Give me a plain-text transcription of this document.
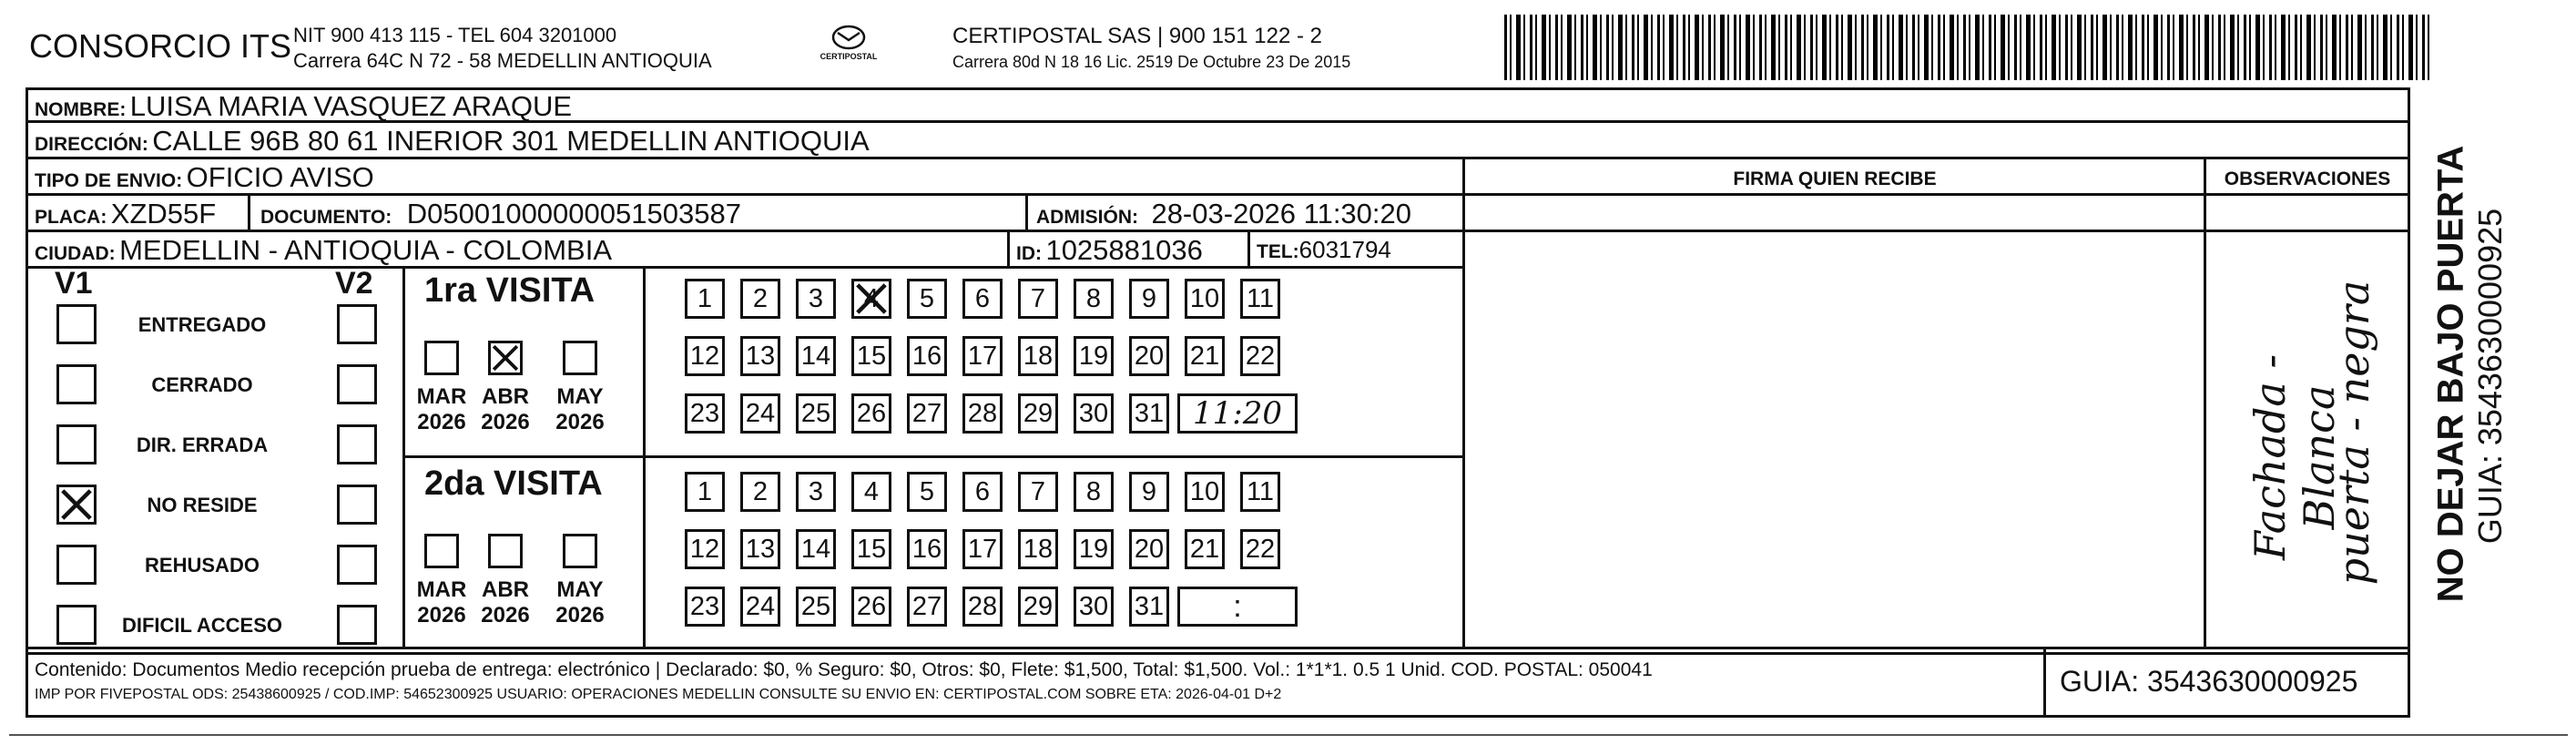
CONSORCIO ITS NIT 900 413 115 - TEL 604 3201000
Carrera 64C N 72 - 58 MEDELLIN ANTIOQUIA	CERTIPOSTAL
CERTIPOSTAL SAS | 900 151 122 - 2
Carrera 80d N 18 16 Lic. 2519 De Octubre 23 De 2015
NOMBRE: LUISA MARIA VASQUEZ ARAQUE
DIRECCIÓN: CALLE 96B 80 61 INERIOR 301 MEDELLIN ANTIOQUIA
TIPO DE ENVIO: OFICIO AVISO	FIRMA QUIEN RECIBE	OBSERVACIONES
PLACA: XZD55F DOCUMENTO: D05001000000051503587	ADMISIÓN: 28-03-2026 11:30:20
CIUDAD: MEDELLIN - ANTIOQUIA - COLOMBIA	ID: 1025881036	TEL:6031794
V1	V2 1ra VISITA
2da VISITA	Fachada - Blanca
puerta - negra NO DEJAR BAJO PUERTA GUIA: 3543630000925
Contenido: Documentos Medio recepción prueba de entrega: electrónico | Declarado: $0, % Seguro: $0, Otros: $0, Flete: $1,500, Total: $1,500. Vol.: 1*1*1. 0.5 1 Unid. COD. POSTAL: 050041
IMP POR FIVEPOSTAL ODS: 25438600925 / COD.IMP: 54652300925 USUARIO: OPERACIONES MEDELLIN CONSULTE SU ENVIO EN: CERTIPOSTAL.COM SOBRE ETA: 2026-04-01 D+2	GUIA: 3543630000925
ENTREGADO
CERRADO
DIR. ERRADA
NO RESIDE
REHUSADO
DIFICIL ACCESO
MAR
2026
ABR
2026
MAY
2026
MAR
2026
ABR
2026
MAY
2026
1	2	3	4	5	6	7	8	9	10 11
12 13 14 15 16 17 18 19 20 21 22
23 24 25 26 27 28 29 30 31 11:20
1	2	3	4	5	6	7	8	9	10 11
12 13 14 15 16 17 18 19 20 21 22
23 24 25 26 27 28 29 30 31	:
